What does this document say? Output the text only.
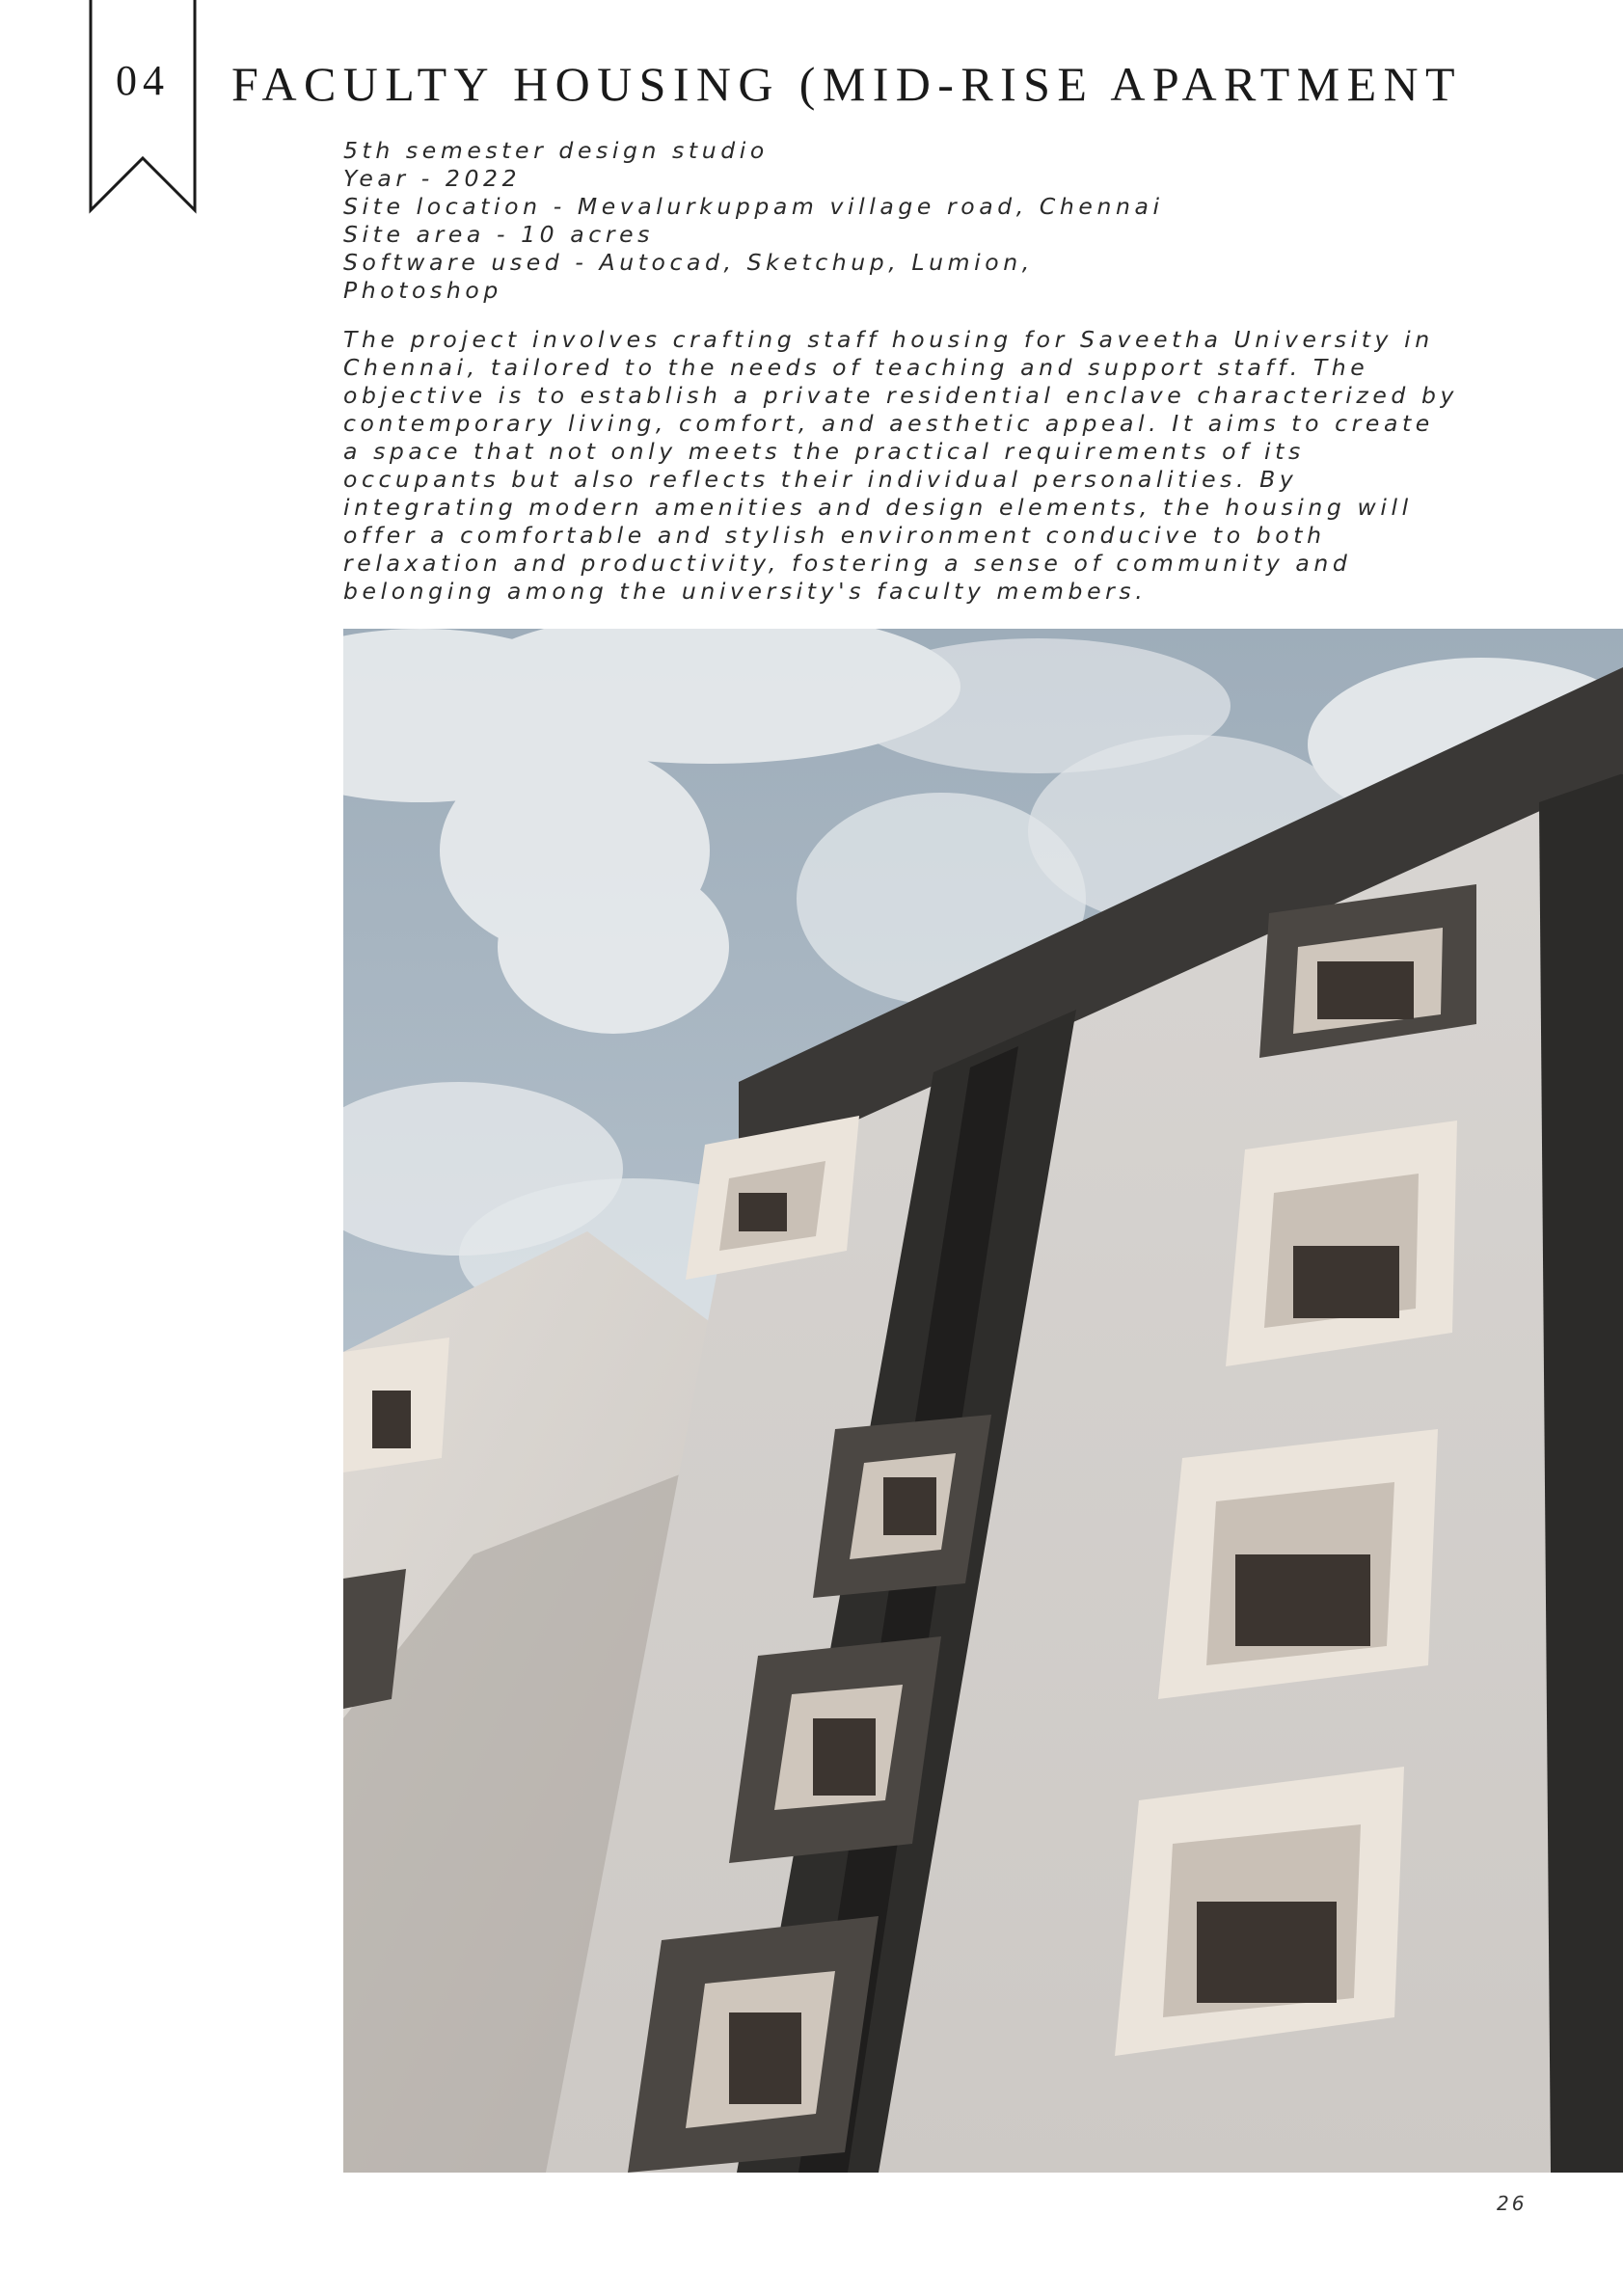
04	FACULTY HOUSING (MID-RISE APARTMENT
5th semester design studio
Year - 2022
Site location - Mevalurkuppam village road, Chennai
Site area - 10 acres
Software used - Autocad, Sketchup, Lumion,
Photoshop
The project involves crafting staff housing for Saveetha University in
Chennai, tailored to the needs of teaching and support staff. The
objective is to establish a private residential enclave characterized by
contemporary living, comfort, and aesthetic appeal. It aims to create
a space that not only meets the practical requirements of its
occupants but also reflects their individual personalities. By
integrating modern amenities and design elements, the housing will
offer a comfortable and stylish environment conducive to both
relaxation and productivity, fostering a sense of community and
belonging among the university's faculty members.
26
